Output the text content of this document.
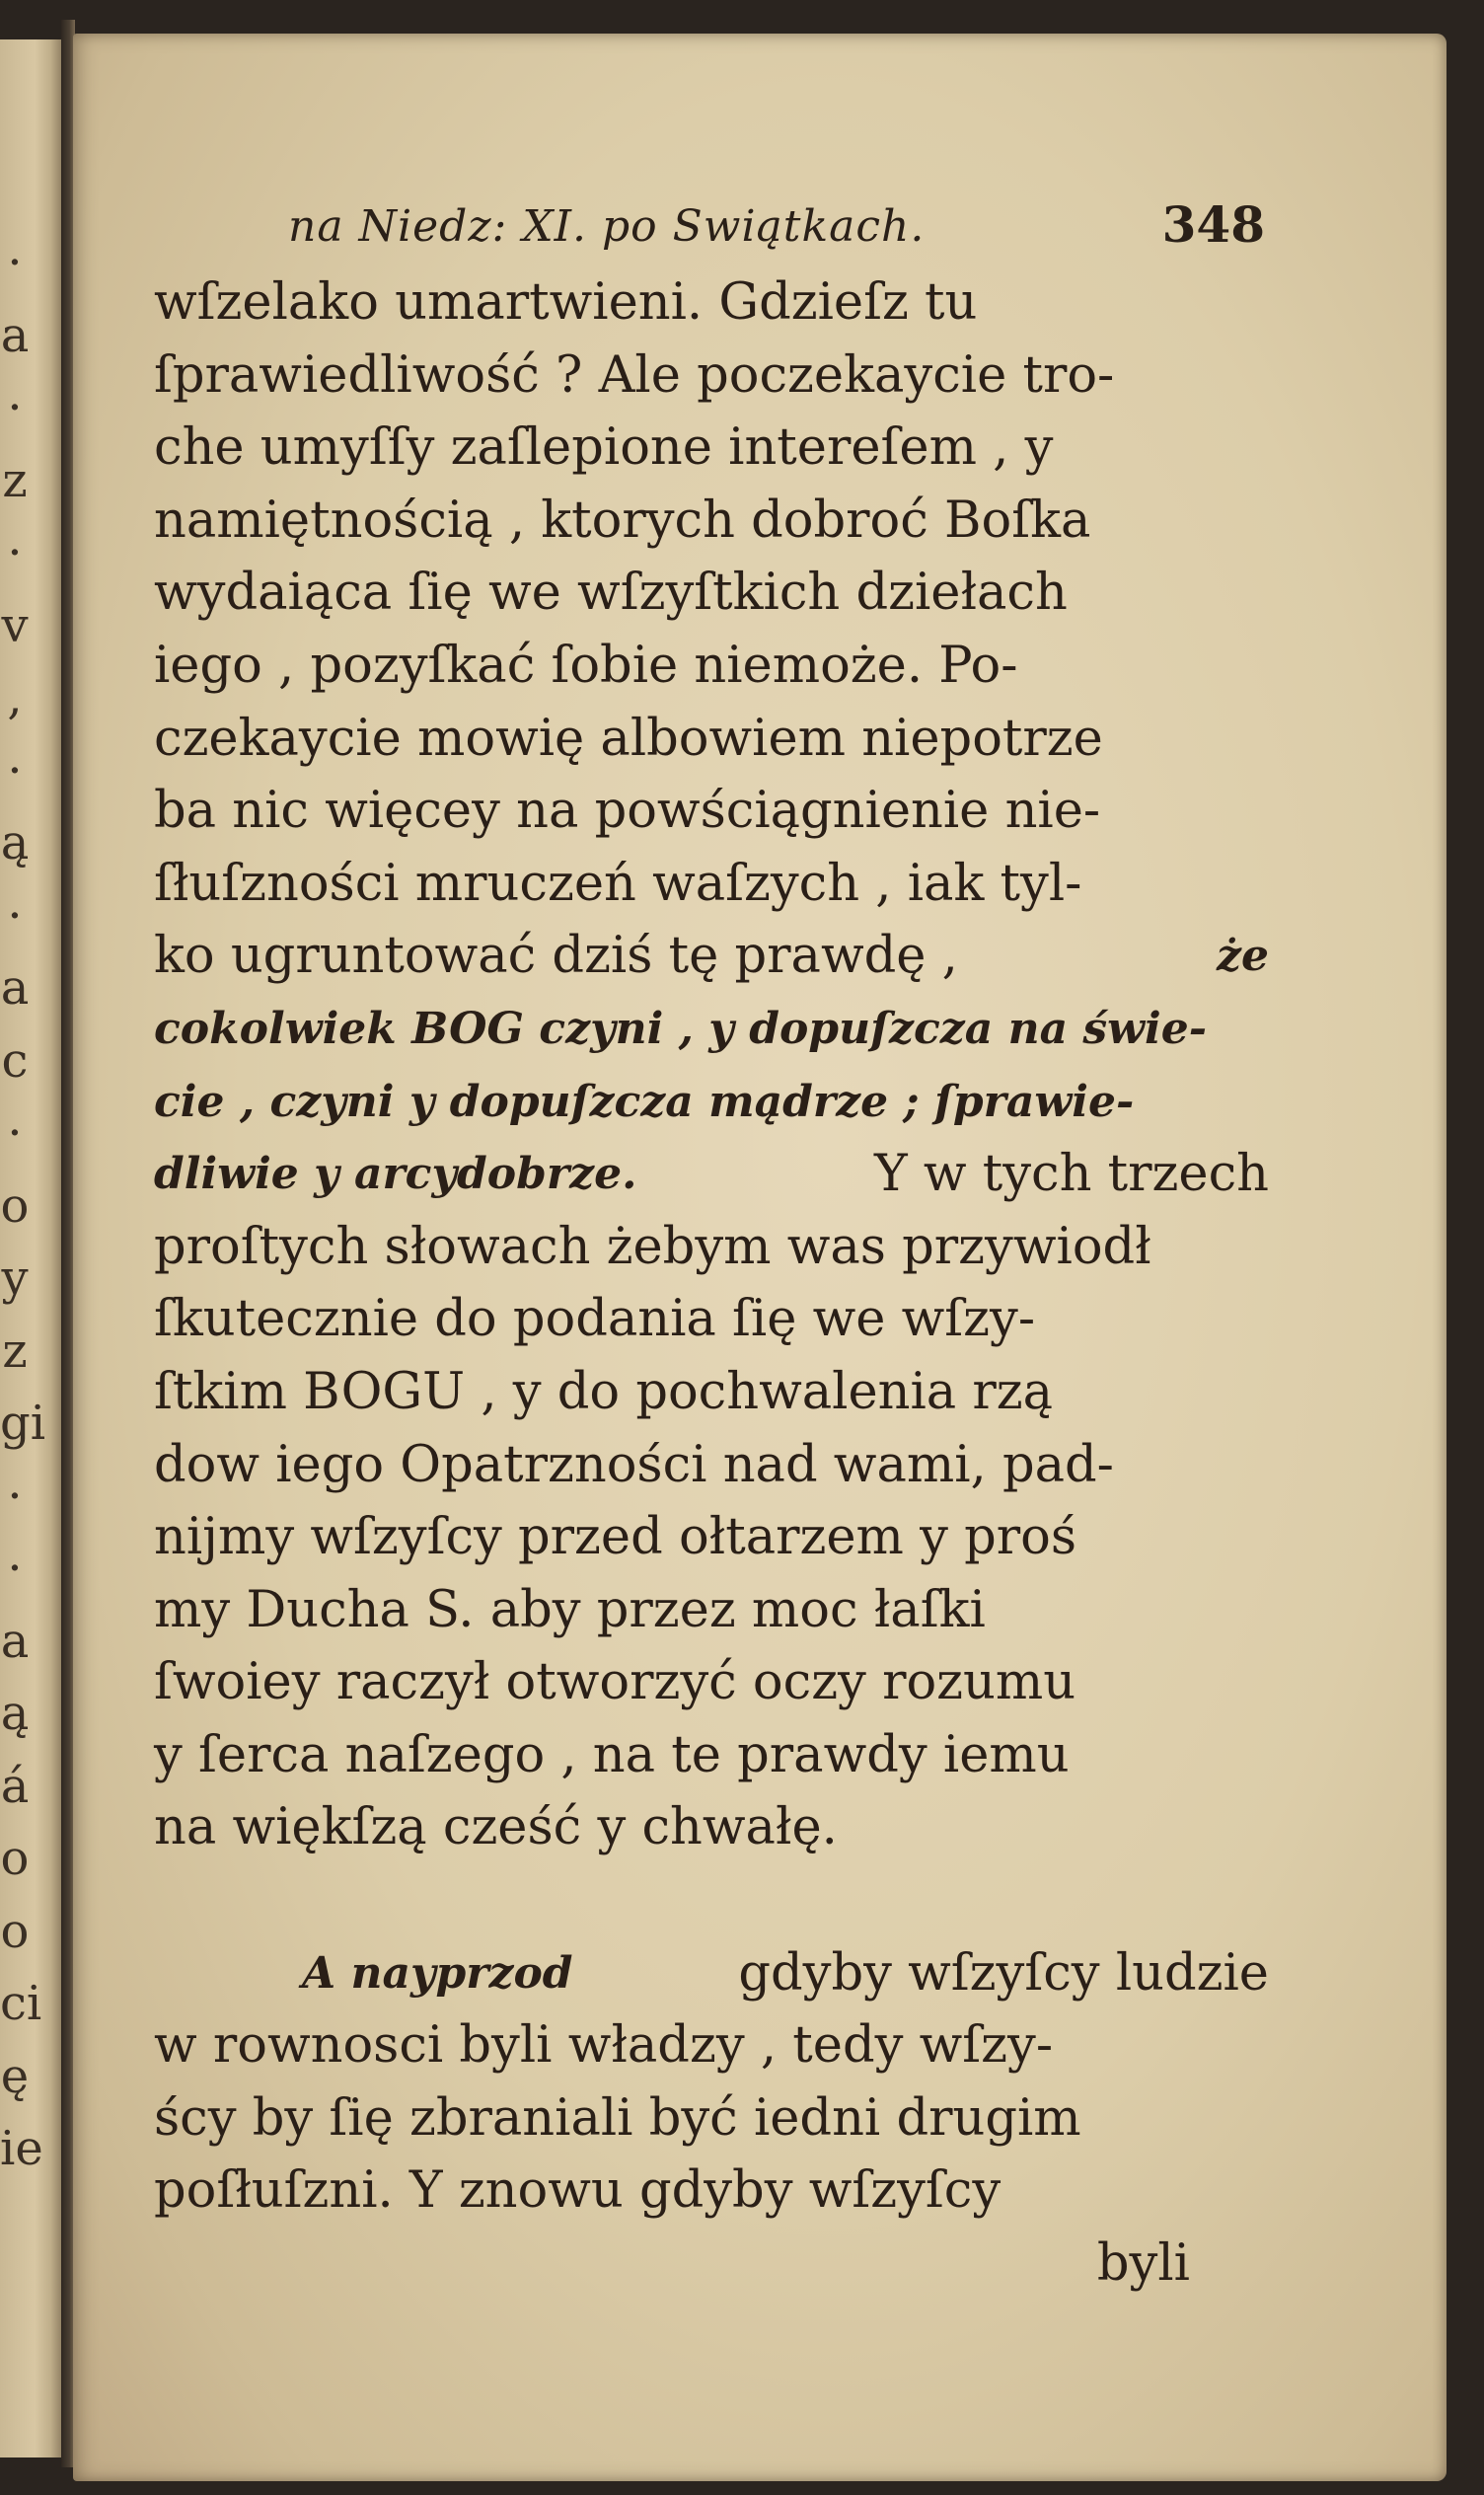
·
a
·
z
·
v
,
·
ą
·
a
c
·
o
y
z
gi
·
·
a
ą
á
o
o
ci
ę
ie
na Niedz: XI. po Swiątkach.	348
wſzelako umartwieni. Gdzieſz tu
ſprawiedliwość ? Ale poczekaycie tro-
che umyſſy zaſlepione intereſem , y
namiętnością , ktorych dobroć Boſka
wydaiąca ſię we wſzyſtkich dziełach
iego , pozyſkać ſobie niemoże. Po-
czekaycie mowię albowiem niepotrze
ba nic więcey na powściągnienie nie-
ſłuſzności mruczeń waſzych , iak tyl-
ko ugruntować dziś tę prawdę ,	że
cokolwiek BOG czyni , y dopuſzcza na świe-
cie , czyni y dopuſzcza mądrze ; ſprawie-
dliwie y arcydobrze.	Y w tych trzech
proſtych słowach żebym was przywiodł
ſkutecznie do podania ſię we wſzy-
ſtkim BOGU , y do pochwalenia rzą
dow iego Opatrzności nad wami, pad-
nijmy wſzyſcy przed ołtarzem y proś
my Ducha S. aby przez moc łaſki
ſwoiey raczył otworzyć oczy rozumu
y ſerca naſzego , na te prawdy iemu
na więkſzą cześć y chwałę.
A nayprzod	gdyby wſzyſcy ludzie
w rownosci byli władzy , tedy wſzy-
ścy by ſię zbraniali być iedni drugim
poſłuſzni. Y znowu gdyby wſzyſcy
byli
